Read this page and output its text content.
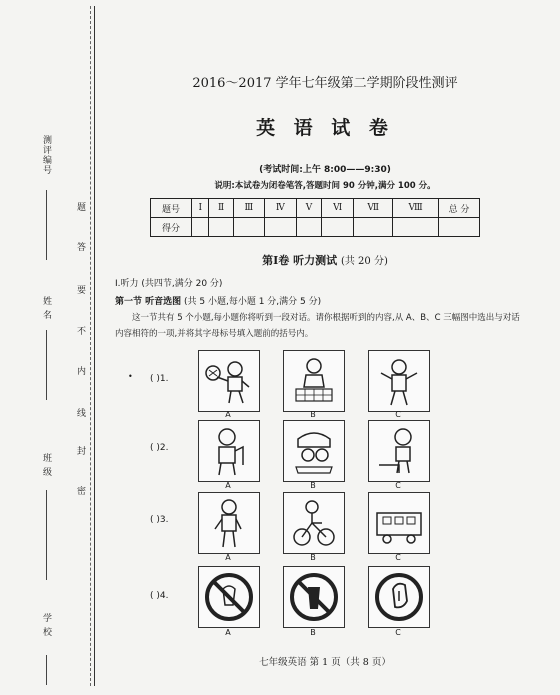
测评编号
姓 名
班 级
学 校
题
答
要
不
内
线
封
密
2016～2017 学年七年级第二学期阶段性测评
英 语 试 卷
(考试时间:上午 8:00——9:30)
说明:本试卷为闭卷笔答,答题时间 90 分钟,满分 100 分。
题号	Ⅰ	Ⅱ	Ⅲ	Ⅳ	Ⅴ	Ⅵ	Ⅶ	Ⅷ	总 分
得分									
第Ⅰ卷 听力测试 (共 20 分)
Ⅰ.听力 (共四节,满分 20 分)
第一节 听音选图 (共 5 小题,每小题 1 分,满分 5 分)
这一节共有 5 个小题,每小题你将听到一段对话。请你根据听到的内容,从 A、B、C 三幅图中选出与对话内容相符的一项,并将其字母标号填入题前的括号内。
• ( )1.
A	B	C
( )2.
A	B	C
( )3.
A	B	C
( )4.
A	B	C
七年级英语 第 1 页（共 8 页）
